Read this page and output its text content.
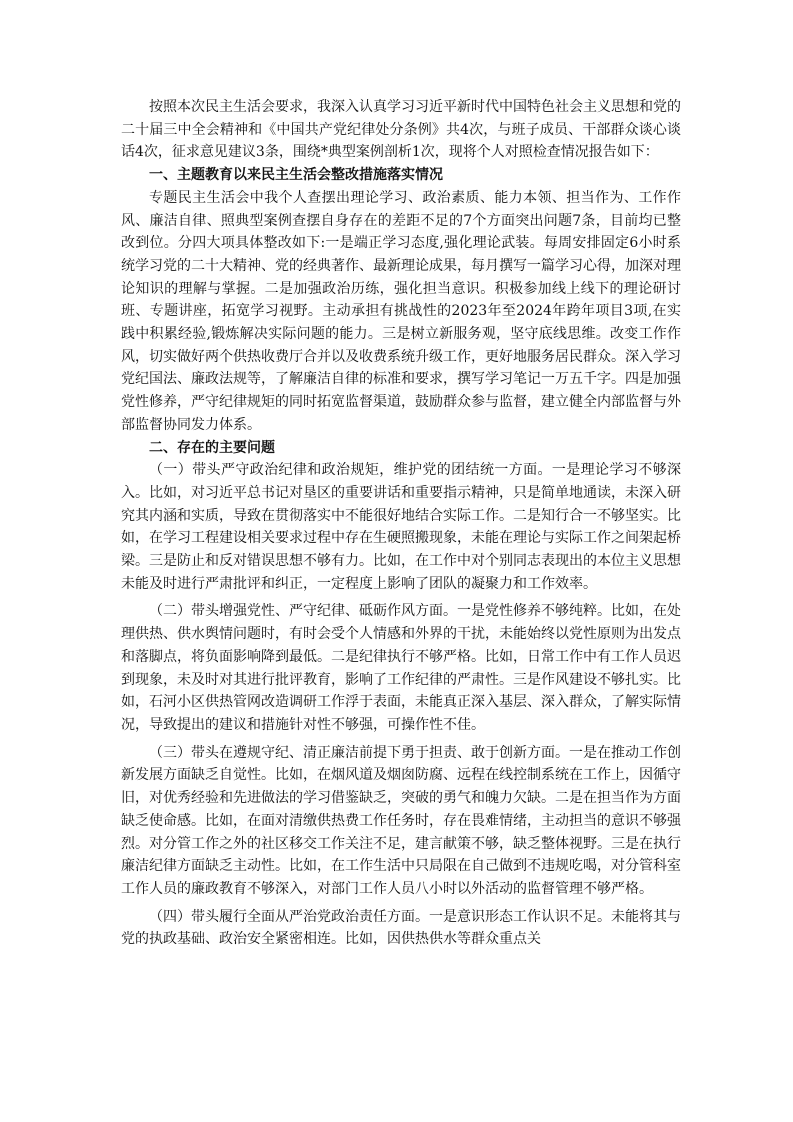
按照本次民主生活会要求，我深入认真学习习近平新时代中国特色社会主义思想和党的二十届三中全会精神和《中国共产党纪律处分条例》共4次，与班子成员、干部群众谈心谈话4次，征求意见建议3条，围绕*典型案例剖析1次，现将个人对照检查情况报告如下：

一、主题教育以来民主生活会整改措施落实情况

专题民主生活会中我个人查摆出理论学习、政治素质、能力本领、担当作为、工作作风、廉洁自律、照典型案例查摆自身存在的差距不足的7个方面突出问题7条，目前均已整改到位。分四大项具体整改如下:一是端正学习态度,强化理论武装。每周安排固定6小时系统学习党的二十大精神、党的经典著作、最新理论成果，每月撰写一篇学习心得，加深对理论知识的理解与掌握。二是加强政治历练，强化担当意识。积极参加线上线下的理论研讨班、专题讲座，拓宽学习视野。主动承担有挑战性的2023年至2024年跨年项目3项,在实践中积累经验,锻炼解决实际问题的能力。三是树立新服务观，坚守底线思维。改变工作作风，切实做好两个供热收费厅合并以及收费系统升级工作，更好地服务居民群众。深入学习党纪国法、廉政法规等，了解廉洁自律的标准和要求，撰写学习笔记一万五千字。四是加强党性修养，严守纪律规矩的同时拓宽监督渠道，鼓励群众参与监督，建立健全内部监督与外部监督协同发力体系。

二、存在的主要问题

（一）带头严守政治纪律和政治规矩，维护党的团结统一方面。一是理论学习不够深入。比如，对习近平总书记对垦区的重要讲话和重要指示精神，只是简单地通读，未深入研究其内涵和实质，导致在贯彻落实中不能很好地结合实际工作。二是知行合一不够坚实。比如，在学习工程建设相关要求过程中存在生硬照搬现象，未能在理论与实际工作之间架起桥梁。三是防止和反对错误思想不够有力。比如，在工作中对个别同志表现出的本位主义思想未能及时进行严肃批评和纠正，一定程度上影响了团队的凝聚力和工作效率。

（二）带头增强党性、严守纪律、砥砺作风方面。一是党性修养不够纯粹。比如，在处理供热、供水舆情问题时，有时会受个人情感和外界的干扰，未能始终以党性原则为出发点和落脚点，将负面影响降到最低。二是纪律执行不够严格。比如，日常工作中有工作人员迟到现象，未及时对其进行批评教育，影响了工作纪律的严肃性。三是作风建设不够扎实。比如，石河小区供热管网改造调研工作浮于表面，未能真正深入基层、深入群众，了解实际情况，导致提出的建议和措施针对性不够强，可操作性不佳。

（三）带头在遵规守纪、清正廉洁前提下勇于担责、敢于创新方面。一是在推动工作创新发展方面缺乏自觉性。比如，在烟风道及烟囱防腐、远程在线控制系统在工作上，因循守旧，对优秀经验和先进做法的学习借鉴缺乏，突破的勇气和魄力欠缺。二是在担当作为方面缺乏使命感。比如，在面对清缴供热费工作任务时，存在畏难情绪，主动担当的意识不够强烈。对分管工作之外的社区移交工作关注不足，建言献策不够，缺乏整体视野。三是在执行廉洁纪律方面缺乏主动性。比如，在工作生活中只局限在自己做到不违规吃喝，对分管科室工作人员的廉政教育不够深入，对部门工作人员八小时以外活动的监督管理不够严格。

（四）带头履行全面从严治党政治责任方面。一是意识形态工作认识不足。未能将其与党的执政基础、政治安全紧密相连。比如，因供热供水等群众重点关
